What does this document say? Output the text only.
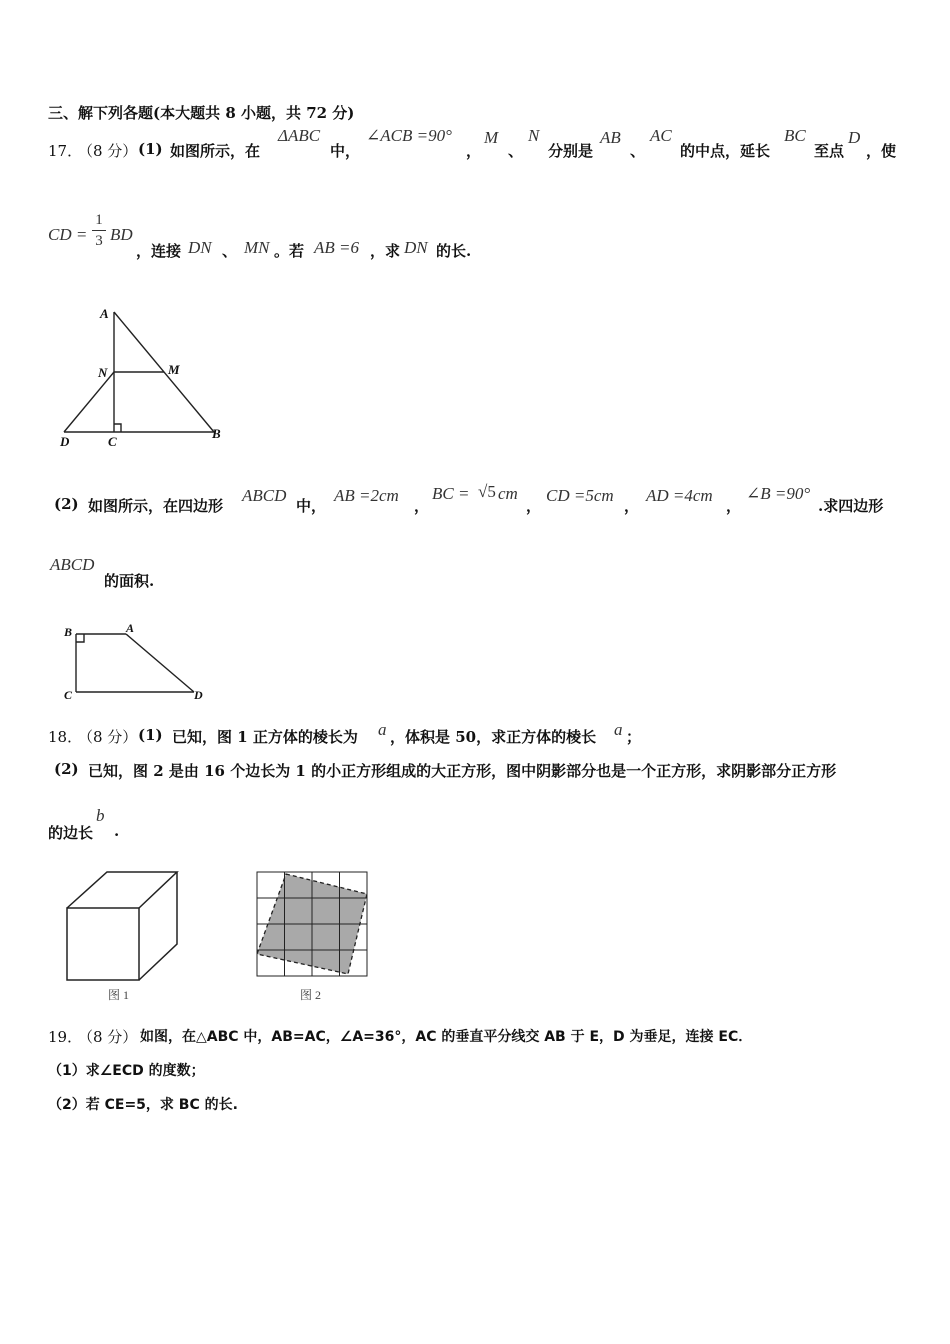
三、解下列各题(本大题共 8 小题，共 72 分)
17．
（8 分） (1) 如图所示，在
ΔABC
中，
∠ACB =90°
，
M
、
N
分别是
AB
、
AC
的中点，延长
BC
至点
D
，使
CD =
1
3 BD
，连接 DN 、 MN 。若 AB =6 ，求 DN 的长.
A
N	M
D	C
B
(2) 如图所示，在四边形
ABCD
中，
AB =2cm
，
BC = √5 cm
，
CD =5cm
，
AD =4cm
，
∠B =90°
.求四边形
ABCD
的面积.
B	A
C	D
18．
（8 分） (1) 已知，图 1 正方体的棱长为 a ，体积是 50，求正方体的棱长 a ；
(2) 已知，图 2 是由 16 个边长为 1 的小正方形组成的大正方形，图中阴影部分也是一个正方形，求阴影部分正方形
的边长
b
.
图 1	图 2
19．
（8 分） 如图，在△ABC 中，AB=AC，∠A=36°，AC 的垂直平分线交 AB 于 E，D 为垂足，连接 EC．
（1）求∠ECD 的度数；
（2）若 CE=5，求 BC 的长.
